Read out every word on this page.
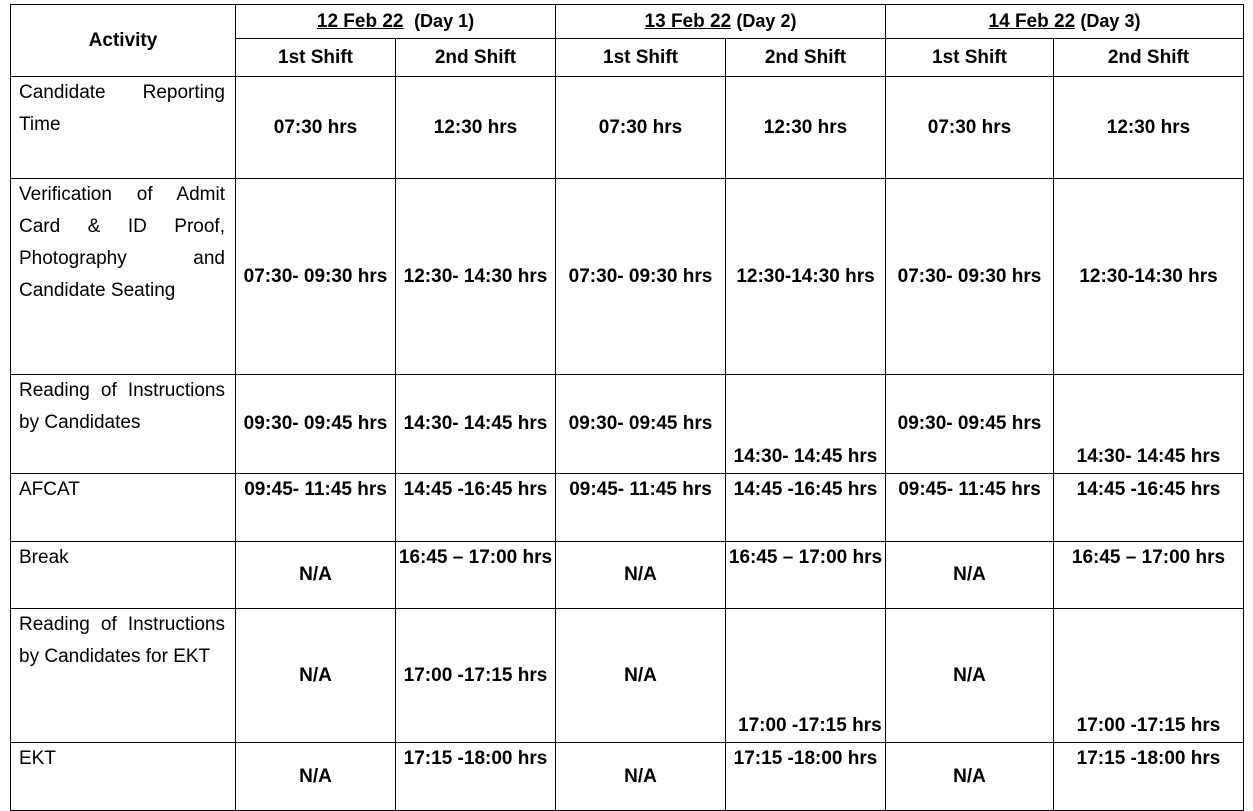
Activity	12 Feb 22 (Day 1)		13 Feb 22 (Day 2)		14 Feb 22 (Day 3)	
	1st Shift	2nd Shift	1st Shift	2nd Shift	1st Shift	2nd Shift
Candidate Reporting Time	07:30 hrs	12:30 hrs	07:30 hrs	12:30 hrs	07:30 hrs	12:30 hrs
Verification of Admit Card & ID Proof, Photography and Candidate Seating	07:30- 09:30 hrs	12:30- 14:30 hrs	07:30- 09:30 hrs	12:30-14:30 hrs	07:30- 09:30 hrs	12:30-14:30 hrs
Reading of Instructions by Candidates	09:30- 09:45 hrs	14:30- 14:45 hrs	09:30- 09:45 hrs	14:30- 14:45 hrs	09:30- 09:45 hrs	14:30- 14:45 hrs
AFCAT	09:45- 11:45 hrs	14:45 -16:45 hrs	09:45- 11:45 hrs	14:45 -16:45 hrs	09:45- 11:45 hrs	14:45 -16:45 hrs
Break	N/A	16:45 – 17:00 hrs	N/A	16:45 – 17:00 hrs	N/A	16:45 – 17:00 hrs
Reading of Instructions by Candidates for EKT	N/A	17:00 -17:15 hrs	N/A	17:00 -17:15 hrs	N/A	17:00 -17:15 hrs
EKT	N/A	17:15 -18:00 hrs	N/A	17:15 -18:00 hrs	N/A	17:15 -18:00 hrs
